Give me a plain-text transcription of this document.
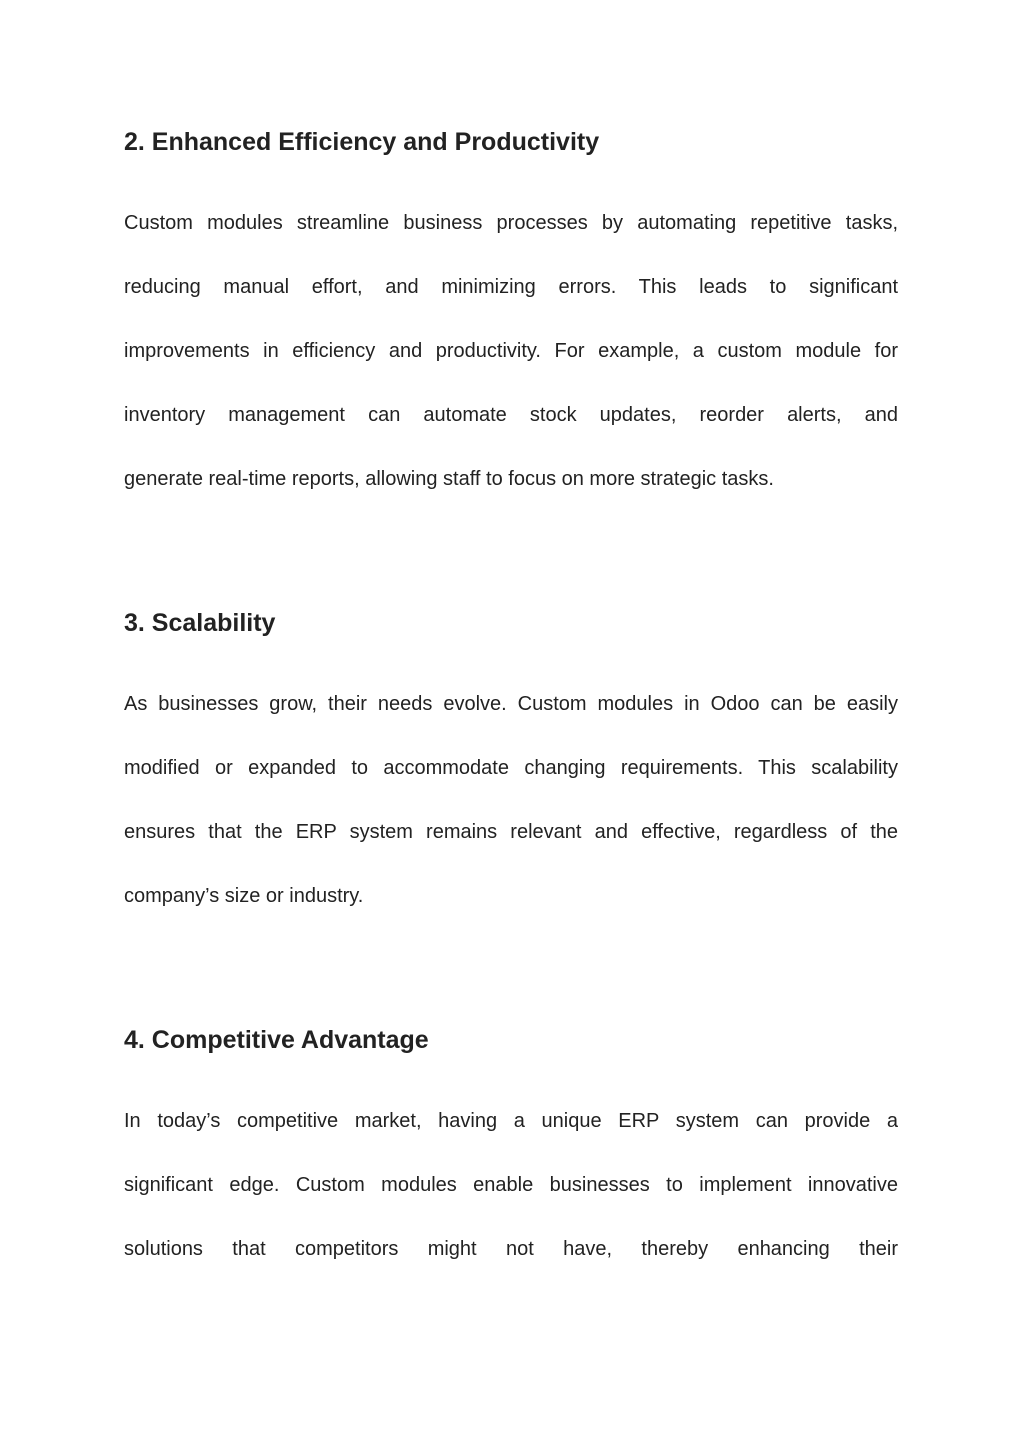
2. Enhanced Efficiency and Productivity

Custom modules streamline business processes by automating repetitive tasks,

reducing manual effort, and minimizing errors. This leads to significant

improvements in efficiency and productivity. For example, a custom module for

inventory management can automate stock updates, reorder alerts, and

generate real-time reports, allowing staff to focus on more strategic tasks.

3. Scalability

As businesses grow, their needs evolve. Custom modules in Odoo can be easily

modified or expanded to accommodate changing requirements. This scalability

ensures that the ERP system remains relevant and effective, regardless of the

company’s size or industry.

4. Competitive Advantage

In today’s competitive market, having a unique ERP system can provide a

significant edge. Custom modules enable businesses to implement innovative

solutions that competitors might not have, thereby enhancing their
